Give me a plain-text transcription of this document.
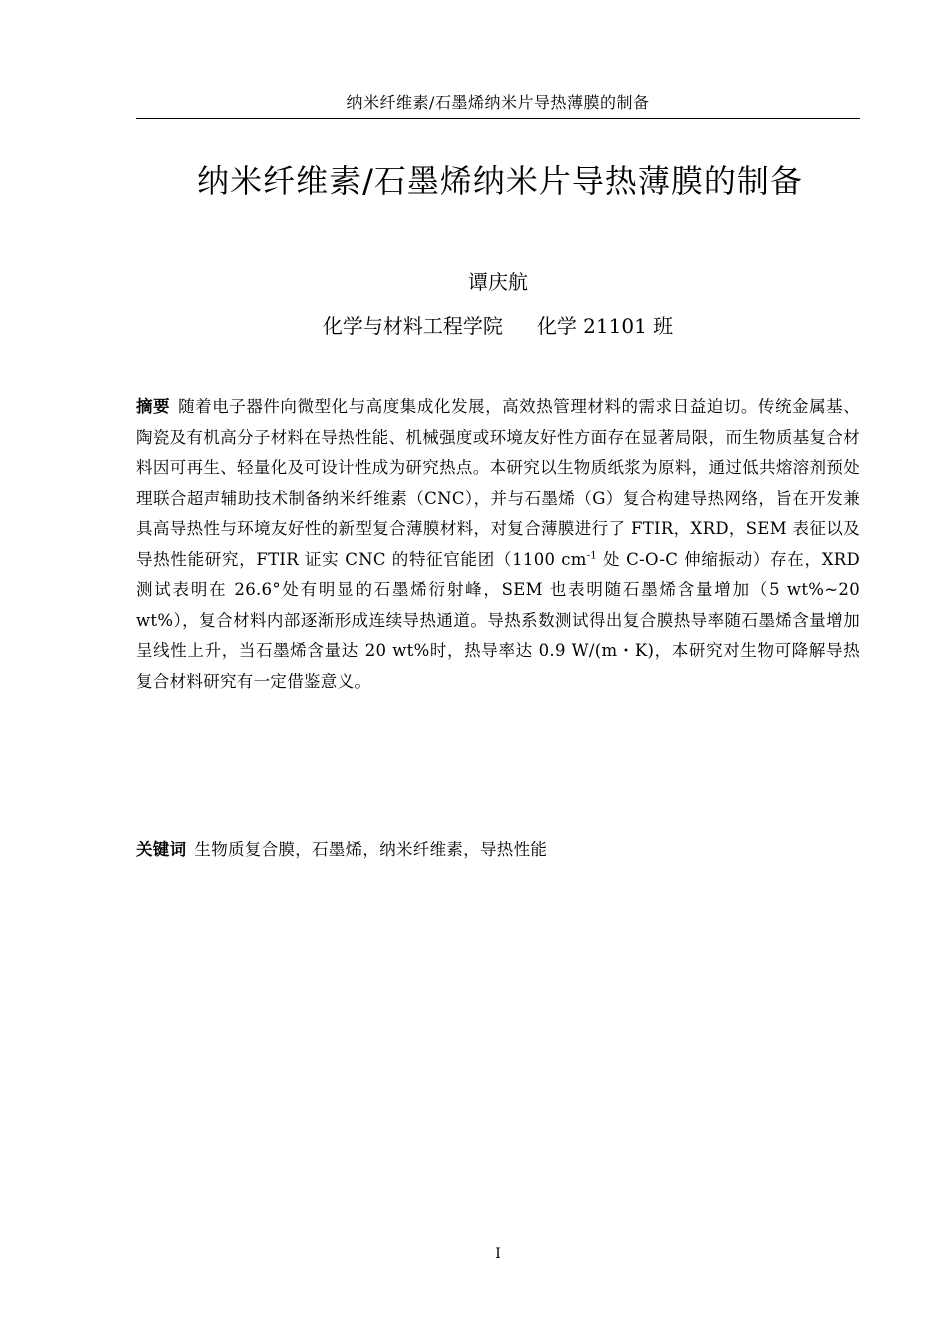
纳米纤维素/石墨烯纳米片导热薄膜的制备
纳米纤维素/石墨烯纳米片导热薄膜的制备
谭庆航
化学与材料工程学院 化学 21101 班
摘要 随着电子器件向微型化与高度集成化发展，高效热管理材料的需求日益迫切。传统金属基、陶瓷及有机高分子材料在导热性能、机械强度或环境友好性方面存在显著局限，而生物质基复合材料因可再生、轻量化及可设计性成为研究热点。本研究以生物质纸浆为原料，通过低共熔溶剂预处理联合超声辅助技术制备纳米纤维素（CNC），并与石墨烯（G）复合构建导热网络，旨在开发兼具高导热性与环境友好性的新型复合薄膜材料，对复合薄膜进行了 FTIR，XRD，SEM 表征以及导热性能研究，FTIR 证实 CNC 的特征官能团（1100 $cm^{-1}$ 处 C-O-C 伸缩振动）存在，XRD 测试表明在 26.6°处有明显的石墨烯衍射峰，SEM 也表明随石墨烯含量增加（5 wt%~20 wt%），复合材料内部逐渐形成连续导热通道。导热系数测试得出复合膜热导率随石墨烯含量增加呈线性上升，当石墨烯含量达 20 wt%时，热导率达 0.9 W/(m・K)，本研究对生物可降解导热复合材料研究有一定借鉴意义。
关键词 生物质复合膜，石墨烯，纳米纤维素，导热性能
I
